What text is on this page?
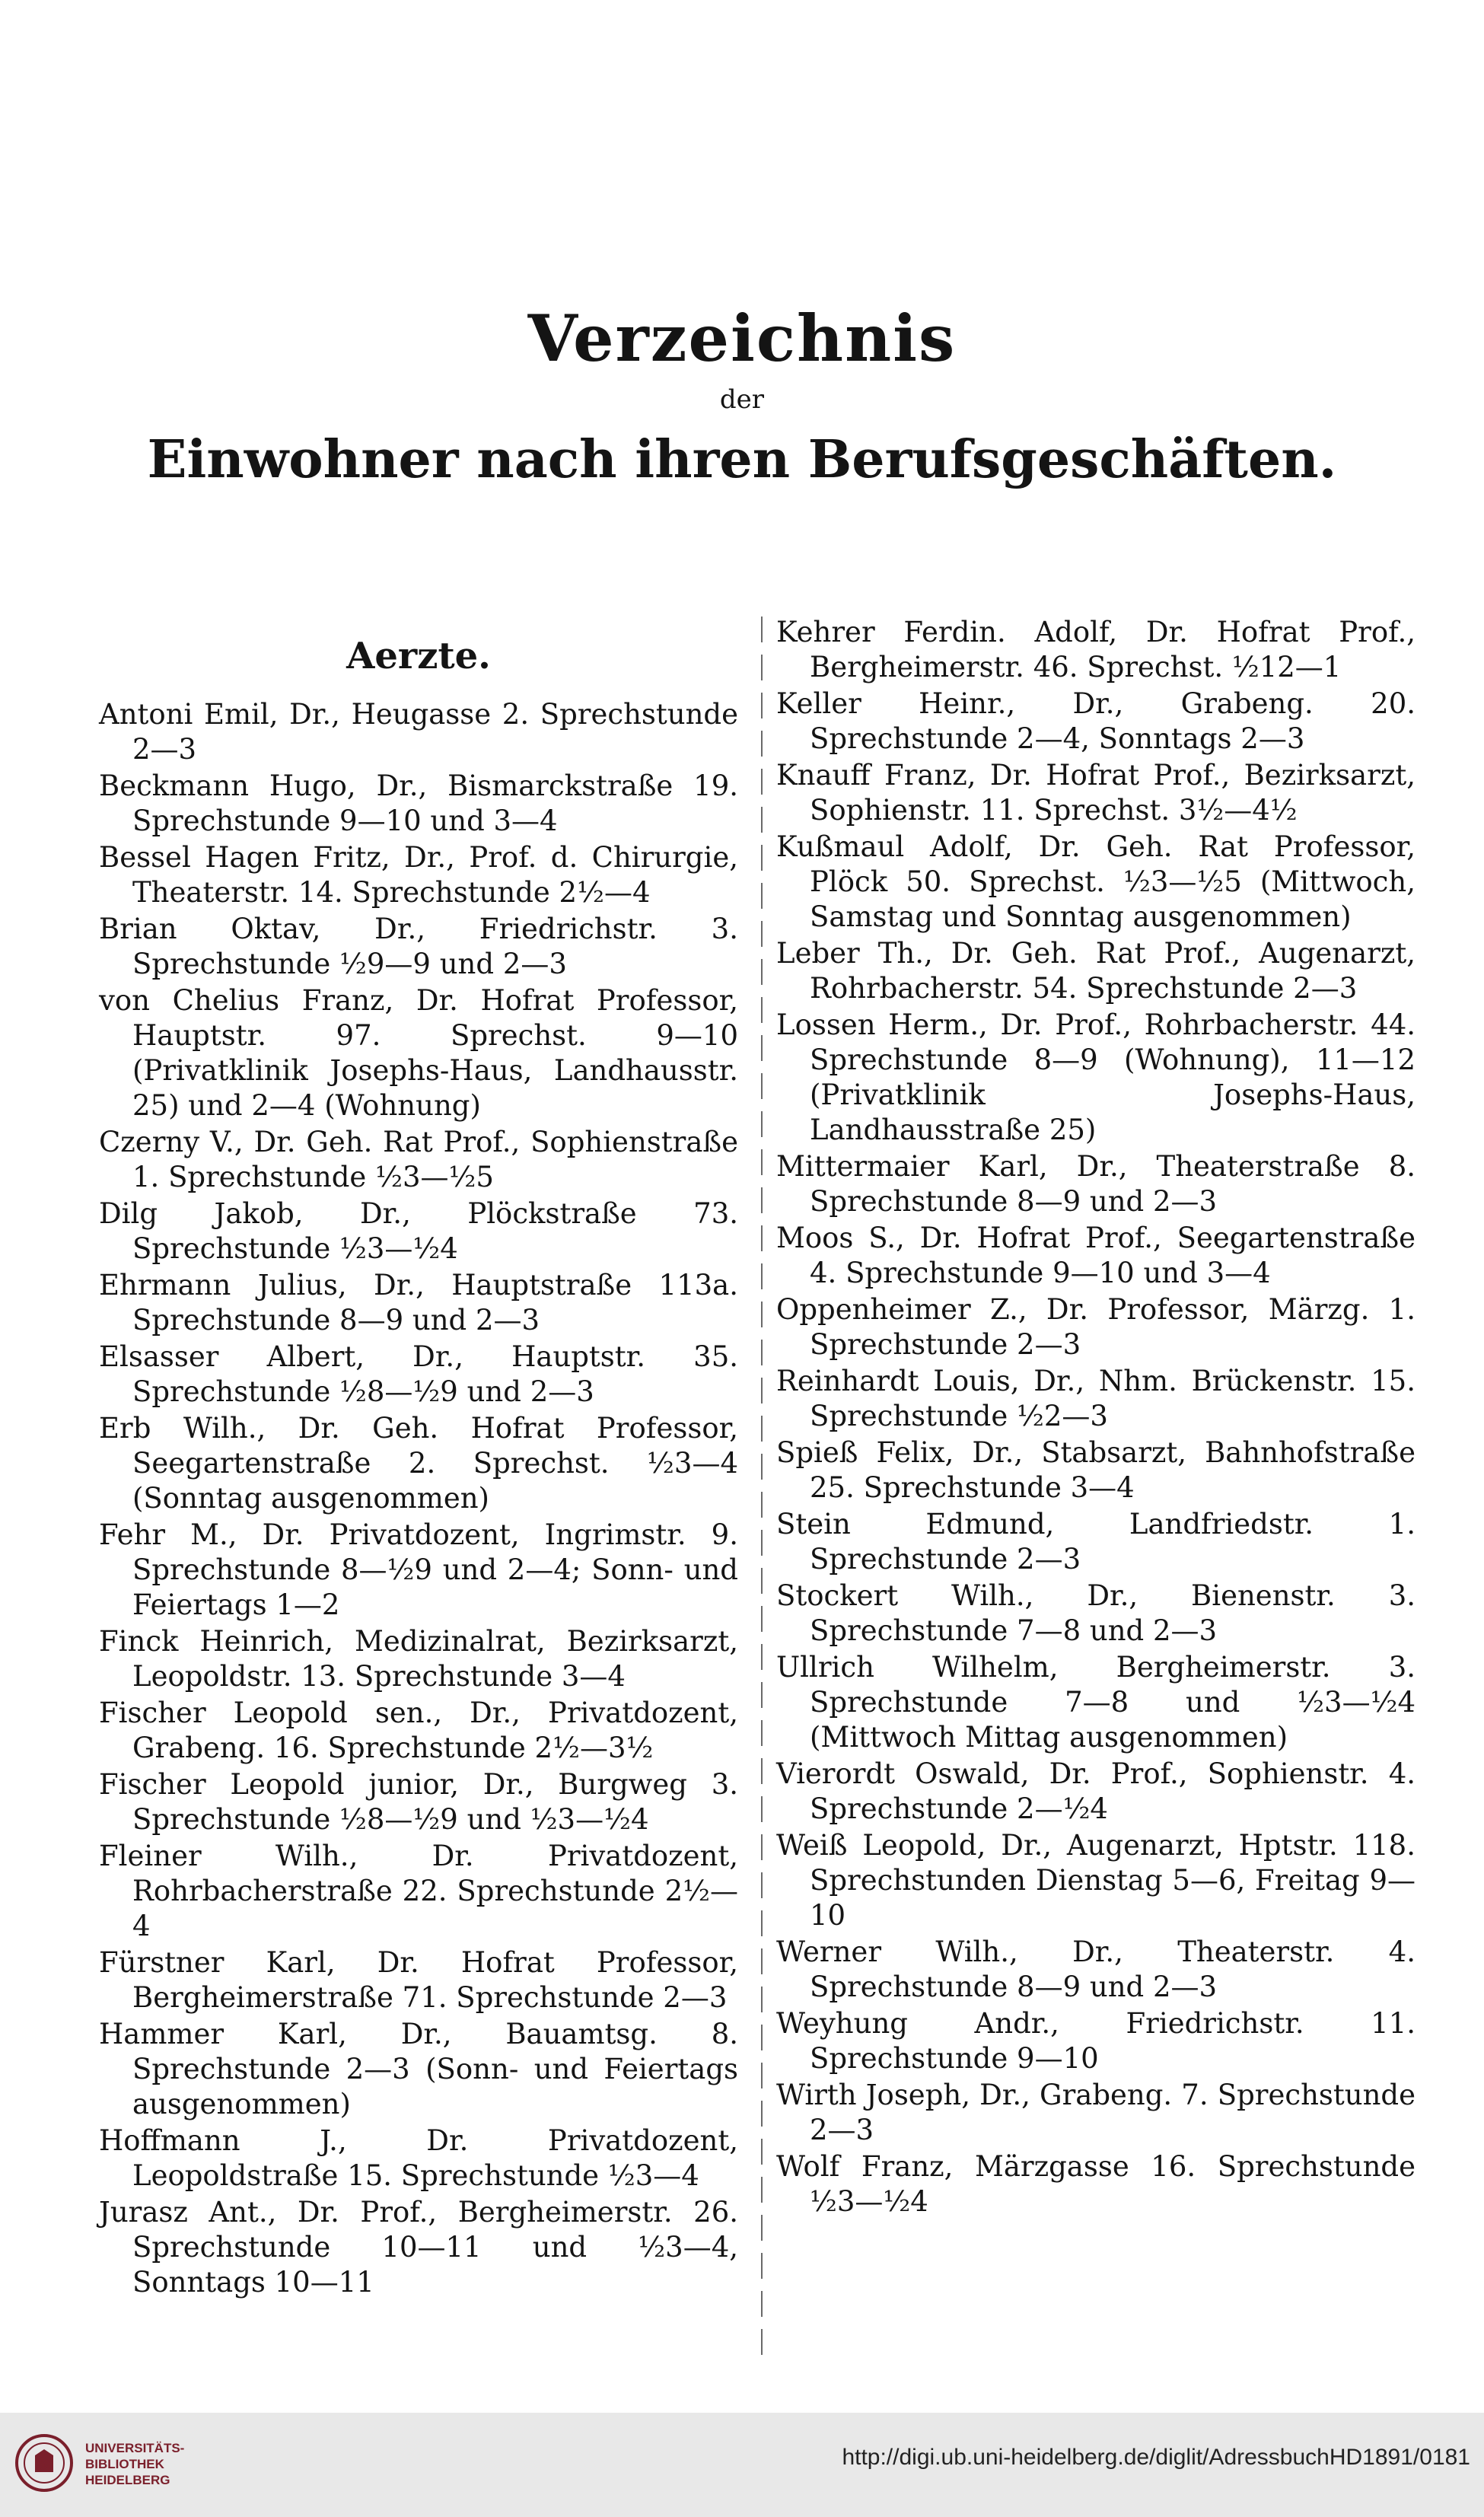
Verzeichnis
der
Einwohner nach ihren Berufsgeschäften.
Aerzte.

Antoni Emil, Dr., Heugasse 2. Sprechstunde 2—3

Beckmann Hugo, Dr., Bismarckstraße 19. Sprechstunde 9—10 und 3—4

Bessel Hagen Fritz, Dr., Prof. d. Chirurgie, Theaterstr. 14. Sprechstunde 2½—4

Brian Oktav, Dr., Friedrichstr. 3. Sprechstunde ½9—9 und 2—3

von Chelius Franz, Dr. Hofrat Professor, Hauptstr. 97. Sprechst. 9—10 (Privatklinik Josephs-Haus, Landhausstr. 25) und 2—4 (Wohnung)

Czerny V., Dr. Geh. Rat Prof., Sophienstraße 1. Sprechstunde ½3—½5

Dilg Jakob, Dr., Plöckstraße 73. Sprechstunde ½3—½4

Ehrmann Julius, Dr., Hauptstraße 113a. Sprechstunde 8—9 und 2—3

Elsasser Albert, Dr., Hauptstr. 35. Sprechstunde ½8—½9 und 2—3

Erb Wilh., Dr. Geh. Hofrat Professor, Seegartenstraße 2. Sprechst. ½3—4 (Sonntag ausgenommen)

Fehr M., Dr. Privatdozent, Ingrimstr. 9. Sprechstunde 8—½9 und 2—4; Sonn- und Feiertags 1—2

Finck Heinrich, Medizinalrat, Bezirksarzt, Leopoldstr. 13. Sprechstunde 3—4

Fischer Leopold sen., Dr., Privatdozent, Grabeng. 16. Sprechstunde 2½—3½

Fischer Leopold junior, Dr., Burgweg 3. Sprechstunde ½8—½9 und ½3—½4

Fleiner Wilh., Dr. Privatdozent, Rohrbacherstraße 22. Sprechstunde 2½—4

Fürstner Karl, Dr. Hofrat Professor, Bergheimerstraße 71. Sprechstunde 2—3

Hammer Karl, Dr., Bauamtsg. 8. Sprechstunde 2—3 (Sonn- und Feiertags ausgenommen)

Hoffmann J., Dr. Privatdozent, Leopoldstraße 15. Sprechstunde ½3—4

Jurasz Ant., Dr. Prof., Bergheimerstr. 26. Sprechstunde 10—11 und ½3—4, Sonntags 10—11

Kehrer Ferdin. Adolf, Dr. Hofrat Prof., Bergheimerstr. 46. Sprechst. ½12—1

Keller Heinr., Dr., Grabeng. 20. Sprechstunde 2—4, Sonntags 2—3

Knauff Franz, Dr. Hofrat Prof., Bezirksarzt, Sophienstr. 11. Sprechst. 3½—4½

Kußmaul Adolf, Dr. Geh. Rat Professor, Plöck 50. Sprechst. ½3—½5 (Mittwoch, Samstag und Sonntag ausgenommen)

Leber Th., Dr. Geh. Rat Prof., Augenarzt, Rohrbacherstr. 54. Sprechstunde 2—3

Lossen Herm., Dr. Prof., Rohrbacherstr. 44. Sprechstunde 8—9 (Wohnung), 11—12 (Privatklinik Josephs-Haus, Landhausstraße 25)

Mittermaier Karl, Dr., Theaterstraße 8. Sprechstunde 8—9 und 2—3

Moos S., Dr. Hofrat Prof., Seegartenstraße 4. Sprechstunde 9—10 und 3—4

Oppenheimer Z., Dr. Professor, Märzg. 1. Sprechstunde 2—3

Reinhardt Louis, Dr., Nhm. Brückenstr. 15. Sprechstunde ½2—3

Spieß Felix, Dr., Stabsarzt, Bahnhofstraße 25. Sprechstunde 3—4

Stein Edmund, Landfriedstr. 1. Sprechstunde 2—3

Stockert Wilh., Dr., Bienenstr. 3. Sprechstunde 7—8 und 2—3

Ullrich Wilhelm, Bergheimerstr. 3. Sprechstunde 7—8 und ½3—½4 (Mittwoch Mittag ausgenommen)

Vierordt Oswald, Dr. Prof., Sophienstr. 4. Sprechstunde 2—½4

Weiß Leopold, Dr., Augenarzt, Hptstr. 118. Sprechstunden Dienstag 5—6, Freitag 9—10

Werner Wilh., Dr., Theaterstr. 4. Sprechstunde 8—9 und 2—3

Weyhung Andr., Friedrichstr. 11. Sprechstunde 9—10

Wirth Joseph, Dr., Grabeng. 7. Sprechstunde 2—3

Wolf Franz, Märzgasse 16. Sprechstunde ½3—½4

UNIVERSITÄTS-
BIBLIOTHEK
HEIDELBERG
http://digi.ub.uni-heidelberg.de/diglit/AdressbuchHD1891/0181
